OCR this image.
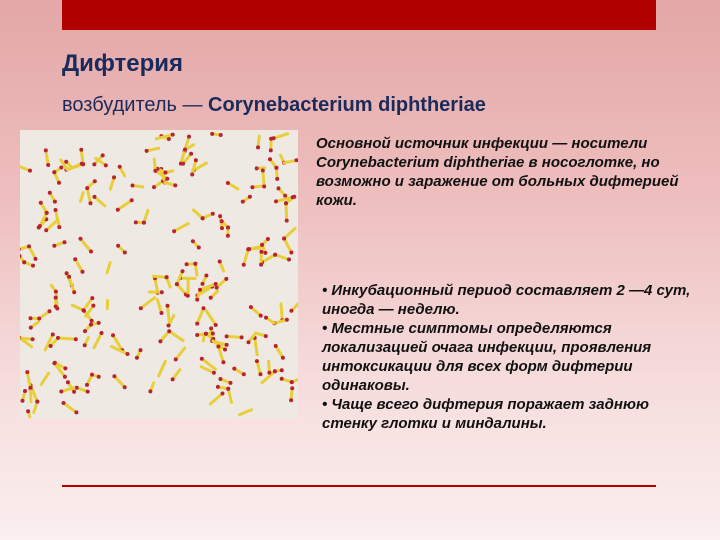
Дифтерия
возбудитель — Corynebacterium diphtheriae
Основной источник инфекции — носители Corynebacterium diphtheriae в носоглотке, но возможно и заражение от больных дифтерией кожи.

• Инкубационный период составляет 2 —4 сут, иногда — неделю.

• Местные симптомы определяются локализацией очага инфекции, проявления интоксикации для всех форм дифтерии одинаковы.

• Чаще всего дифтерия поражает заднюю стенку глотки и миндалины.
